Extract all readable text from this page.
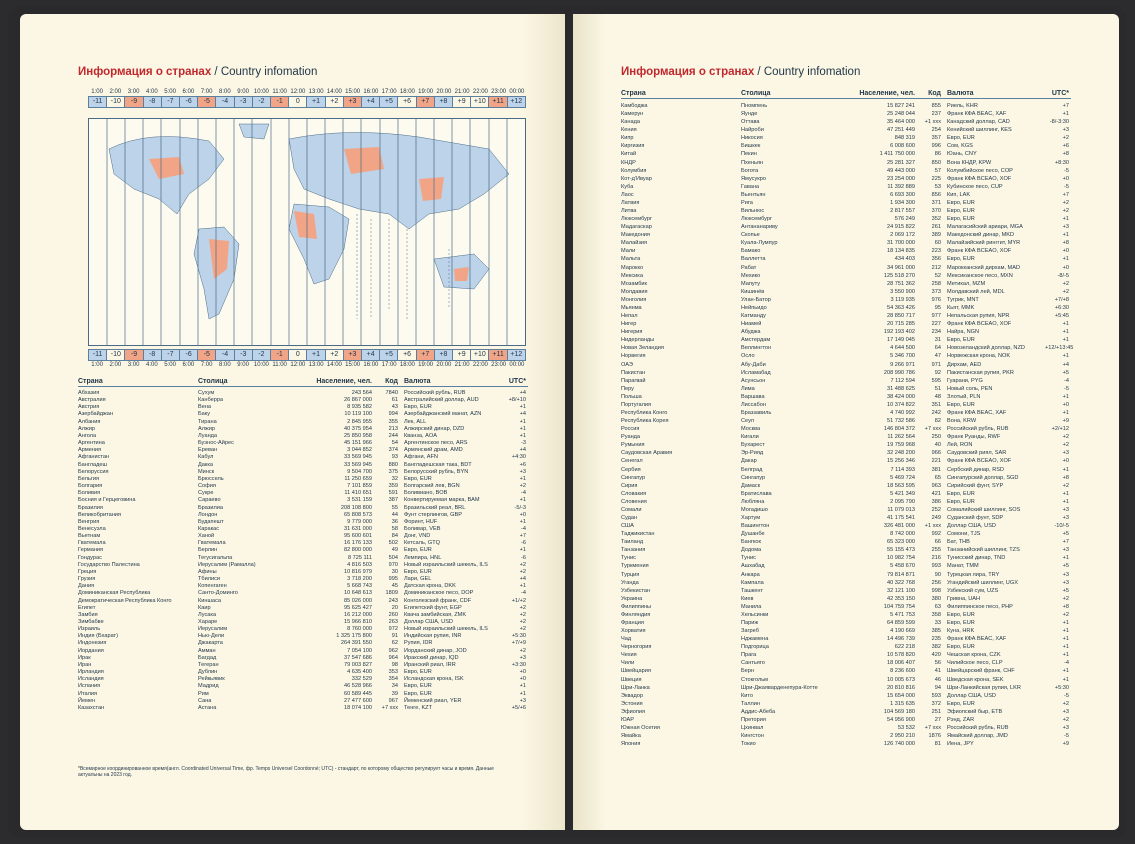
Информация о странах / Country infomation
1:00	2:00	3:00	4:00	5:00	6:00	7:00	8:00	9:00 10:00 11:00 12:00 13:00 14:00 15:00 16:00 17:00 18:00 19:00 20:00 21:00 22:00 23:00 00:00
-11	-10	-9	-8	-7	-6	-5	-4	-3	-2	-1	0	+1	+2	+3	+4	+5	+6	+7	+8	+9	+10 +11 +12
1:00	2:00	3:00	4:00	5:00	6:00	7:00	8:00	9:00 10:00 11:00 12:00 13:00 14:00 15:00 16:00 17:00 18:00 19:00 20:00 21:00 22:00 23:00 00:00
-11	-10	-9	-8	-7	-6	-5	-4	-3	-2	-1	0	+1	+2	+3	+4	+5	+6	+7	+8	+9	+10 +11 +12
Страна	Столица	Население, чел.	Код Валюта	UTC*
Абхазия	Сухум	243 564	7840	Российский рубль, RUB	+4
Австралия	Канберра	26 867 000	61	Австралийский доллар, AUD	+8/+10
Австрия	Вена	8 935 582	43	Евро, EUR	+1
Азербайджан	Баку	10 119 100	994	Азербайджанский манат, AZN	+4
Албания	Тирана	2 845 955	355	Лек, ALL	+1
Алжир	Алжир	40 375 954	213	Алжирский динар, DZD	+1
Ангола	Луанда	25 850 958	244	Кванза, AOA	+1
Аргентина	Буэнос-Айрес	45 151 966	54	Аргентинское песо, ARS	-3
Армения	Ереван	3 044 852	374	Армянский драм, AMD	+4
Афганистан	Кабул	33 569 945	93	Афгани, AFN	+4:30
Бангладеш	Дакка	33 569 945	880	Бангладешская така, BDT	+6
Белоруссия	Минск	9 504 700	375	Белорусский рубль, BYN	+3
Бельгия	Брюссель	11 250 659	32	Евро, EUR	+1
Болгария	София	7 101 859	359	Болгарский лев, BGN	+2
Боливия	Сукре	11 410 651	591	Боливиано, BOB	-4
Босния и Герцеговина	Сараево	3 531 159	387	Конвертируемая марка, BAM	+1
Бразилия	Бразилиа	208 108 800	55	Бразильский реал, BRL	-5/-3
Великобритания	Лондон	65 808 573	44	Фунт стерлингов, GBP	+0
Венгрия	Будапешт	9 779 000	36	Форинт, HUF	+1
Венесуэла	Каракас	31 631 000	58	Боливар, VEB	-4
Вьетнам	Ханой	95 600 601	84	Донг, VND	+7
Гватемала	Гватемала	16 176 133	502	Кетсаль, GTQ	-6
Германия	Берлин	82 800 000	49	Евро, EUR	+1
Гондурас	Тегусигальпа	8 725 111	504	Лемпира, HNL	-6
Государство Палестина	Иерусалим (Рамалла)	4 816 503	970	Новый израильский шекель, ILS	+2
Греция	Афины	10 816 979	30	Евро, EUR	+2
Грузия	Тбилиси	3 718 200	995	Лари, GEL	+4
Дания	Копенгаген	5 668 743	45	Датская крона, DKK	+1
Доминиканская Республика	Санто-Доминго	10 648 613	1809	Доминиканское песо, DOP	-4
Демократическая Республика Конго	Киншаса	85 026 000	243	Конголезский франк, CDF	+1/+2
Египет	Каир	95 625 427	20	Египетский фунт, EGP	+2
Замбия	Лусака	16 212 000	260	Квача замбийская, ZMK	+2
Зимбабве	Хараре	15 966 810	263	Доллар США, USD	+2
Израиль	Иерусалим	8 760 000	972	Новый израильский шекель, ILS	+2
Индия (Бхарат)	Нью-Дели	1 325 175 800	91	Индийская рупия, INR	+5:30
Индонезия	Джакарта	264 391 550	62	Рупия, IDR	+7/+9
Иордания	Амман	7 054 100	962	Иорданский динар, JOD	+2
Ирак	Багдад	37 547 686	964	Иракский динар, IQD	+3
Иран	Тегеран	79 003 827	98	Иранский риал, IRR	+3:30
Ирландия	Дублин	4 635 400	353	Евро, EUR	+0
Исландия	Рейкьявик	332 529	354	Исландская крона, ISK	+0
Испания	Мадрид	46 528 966	34	Евро, EUR	+1
Италия	Рим	60 589 445	39	Евро, EUR	+1
Йемен	Сана	27 477 600	967	Йеменский риал, YER	+3
Казахстан	Астана	18 074 100	+7 xxx	Тенге, KZT	+5/+6
*Всемирное координированное время(англ. Coordinated Universal Time, фр. Temps Universel Coordonné; UTC) - стандарт, по которому общество регулирует часы и время. Данные актуальны на 2023 год.
Информация о странах / Country infomation
Страна	Столица	Население, чел.	Код Валюта	UTC*
Камбоджа	Пномпень	15 827 241	855	Риель, KHR	+7
Камерун	Яунде	25 248 044	237	Франк КФА BEAC, XAF	+1
Канада	Оттава	35 464 000	+1 xxx	Канадский доллар, CAD	-8/-3:30
Кения	Найроби	47 251 449	254	Кенийский шиллинг, KES	+3
Кипр	Никосия	848 319	357	Евро, EUR	+2
Киргизия	Бишкек	6 008 600	996	Сом, KGS	+6
Китай	Пекин	1 411 750 000	86	Юань, CNY	+8
КНДР	Пхеньян	25 281 327	850	Вона КНДР, KPW	+8:30
Колумбия	Богота	49 443 000	57	Колумбийское песо, COP	-5
Кот-д'Ивуар	Ямусукро	23 254 000	225	Франк КФА BCEAO, XOF	+0
Куба	Гавана	11 392 889	53	Кубинское песо, CUP	-5
Лаос	Вьентьян	6 693 300	856	Кип, LAK	+7
Латвия	Рига	1 934 300	371	Евро, EUR	+2
Литва	Вильнюс	2 817 557	370	Евро, EUR	+2
Люксембург	Люксембург	576 249	352	Евро, EUR	+1
Мадагаскар	Антананариву	24 915 822	261	Малагасийский ариари, MGA	+3
Македония	Скопье	2 069 172	389	Македонский динар, MKD	+1
Малайзия	Куала-Лумпур	31 700 000	60	Малайзийский ринггит, MYR	+8
Мали	Бамако	18 134 835	223	Франк КФА BCEAO, XOF	+0
Мальта	Валлетта	434 403	356	Евро, EUR	+1
Марокко	Рабат	34 961 000	212	Марокканский дирхам, MAD	+0
Мексика	Мехико	125 518 270	52	Мексиканское песо, MXN	-8/-5
Мозамбик	Мапуту	28 751 362	258	Метикал, MZM	+2
Молдавия	Кишинёв	3 550 900	373	Молдавский лей, MDL	+2
Монголия	Улан-Батор	3 119 935	976	Тугрик, MNT	+7/+8
Мьянма	Нейпьидо	54 363 426	95	Кьят, MMK	+6:30
Непал	Катманду	28 850 717	977	Непальская рупия, NPR	+5:45
Нигер	Ниамей	20 715 285	227	Франк КФА BCEAO, XOF	+1
Нигерия	Абуджа	192 193 402	234	Найра, NGN	+1
Нидерланды	Амстердам	17 149 045	31	Евро, EUR	+1
Новая Зеландия	Веллингтон	4 644 500	64	Новозеландский доллар, NZD	+12/+13:45
Норвегия	Осло	5 346 700	47	Норвежская крона, NOK	+1
ОАЭ	Абу-Даби	9 266 971	971	Дирхам, AED	+4
Пакистан	Исламабад	208 990 786	92	Пакистанская рупия, PKR	+5
Парагвай	Асунсьон	7 112 594	595	Гуарани, PYG	-4
Перу	Лима	31 488 625	51	Новый соль, PEN	-5
Польша	Варшава	38 424 000	48	Злотый, PLN	+1
Португалия	Лиссабон	10 374 822	351	Евро, EUR	+0
Республика Конго	Браззавиль	4 740 992	242	Франк КФА BEAC, XAF	+1
Республика Корея	Сеул	51 732 586	82	Вона, KRW	+9
Россия	Москва	146 804 372	+7 xxx	Российский рубль, RUB	+2/+12
Руанда	Кигали	11 262 564	250	Франк Руанды, RWF	+2
Румыния	Бухарест	19 759 968	40	Лей, RON	+2
Саудовская Аравия	Эр-Рияд	32 248 200	966	Саудовский риял, SAR	+3
Сенегал	Дакар	15 256 346	221	Франк КФА BCEAO, XOF	+0
Сербия	Белград	7 114 393	381	Сербский динар, RSD	+1
Сингапур	Сингапур	5 469 724	65	Сингапурский доллар, SGD	+8
Сирия	Дамаск	18 563 595	963	Сирийский фунт, SYP	+2
Словакия	Братислава	5 421 349	421	Евро, EUR	+1
Словения	Любляна	2 095 790	386	Евро, EUR	+1
Сомали	Могадишо	11 079 013	252	Сомалийский шиллинг, SOS	+3
Судан	Хартум	41 175 541	249	Суданский фунт, SDP	+3
США	Вашингтон	326 481 000	+1 xxx	Доллар США, USD	-10/-5
Таджикистан	Душанбе	8 742 000	992	Сомони, TJS	+5
Таиланд	Бангкок	65 323 000	66	Бат, THB	+7
Танзания	Додома	55 155 473	255	Танзанийский шиллинг, TZS	+3
Тунис	Тунис	10 982 754	216	Тунисский динар, TND	+1
Туркмения	Ашхабад	5 458 670	993	Манат, TMM	+5
Турция	Анкара	79 814 871	90	Турецкая лира, TRY	+3
Уганда	Кампала	40 322 768	256	Угандийский шиллинг, UGX	+3
Узбекистан	Ташкент	32 121 100	998	Узбекский сум, UZS	+5
Украина	Киев	42 353 150	380	Гривна, UAH	+2
Филиппины	Манила	104 759 754	63	Филиппинское песо, PHP	+8
Финляндия	Хельсинки	5 471 753	358	Евро, EUR	+2
Франция	Париж	64 859 599	33	Евро, EUR	+1
Хорватия	Загреб	4 190 669	385	Куна, HRK	+1
Чад	Нджамена	14 496 739	235	Франк КФА BEAC, XAF	+1
Черногория	Подгорица	622 218	382	Евро, EUR	+1
Чехия	Прага	10 578 820	420	Чешская крона, CZK	+1
Чили	Сантьяго	18 006 407	56	Чилийское песо, CLP	-4
Швейцария	Берн	8 236 600	41	Швейцарский франк, CHF	+1
Швеция	Стокгольм	10 005 673	46	Шведская крона, SEK	+1
Шри-Ланка	Шри-Джаяварденепура-Котте	20 810 816	94	Шри-Ланкийская рупия, LKR	+5:30
Эквадор	Кито	15 654 000	593	Доллар США, USD	-5
Эстония	Таллин	1 315 635	372	Евро, EUR	+2
Эфиопия	Аддис-Абеба	104 569 180	251	Эфиопский быр, ETB	+3
ЮАР	Претория	54 956 900	27	Рэнд, ZAR	+2
Южная Осетия	Цхинвал	53 532	+7 xxx	Российский рубль, RUB	+3
Ямайка	Кингстон	2 950 210	1876	Ямайский доллар, JMD	-5
Япония	Токио	126 740 000	81	Иена, JPY	+9
